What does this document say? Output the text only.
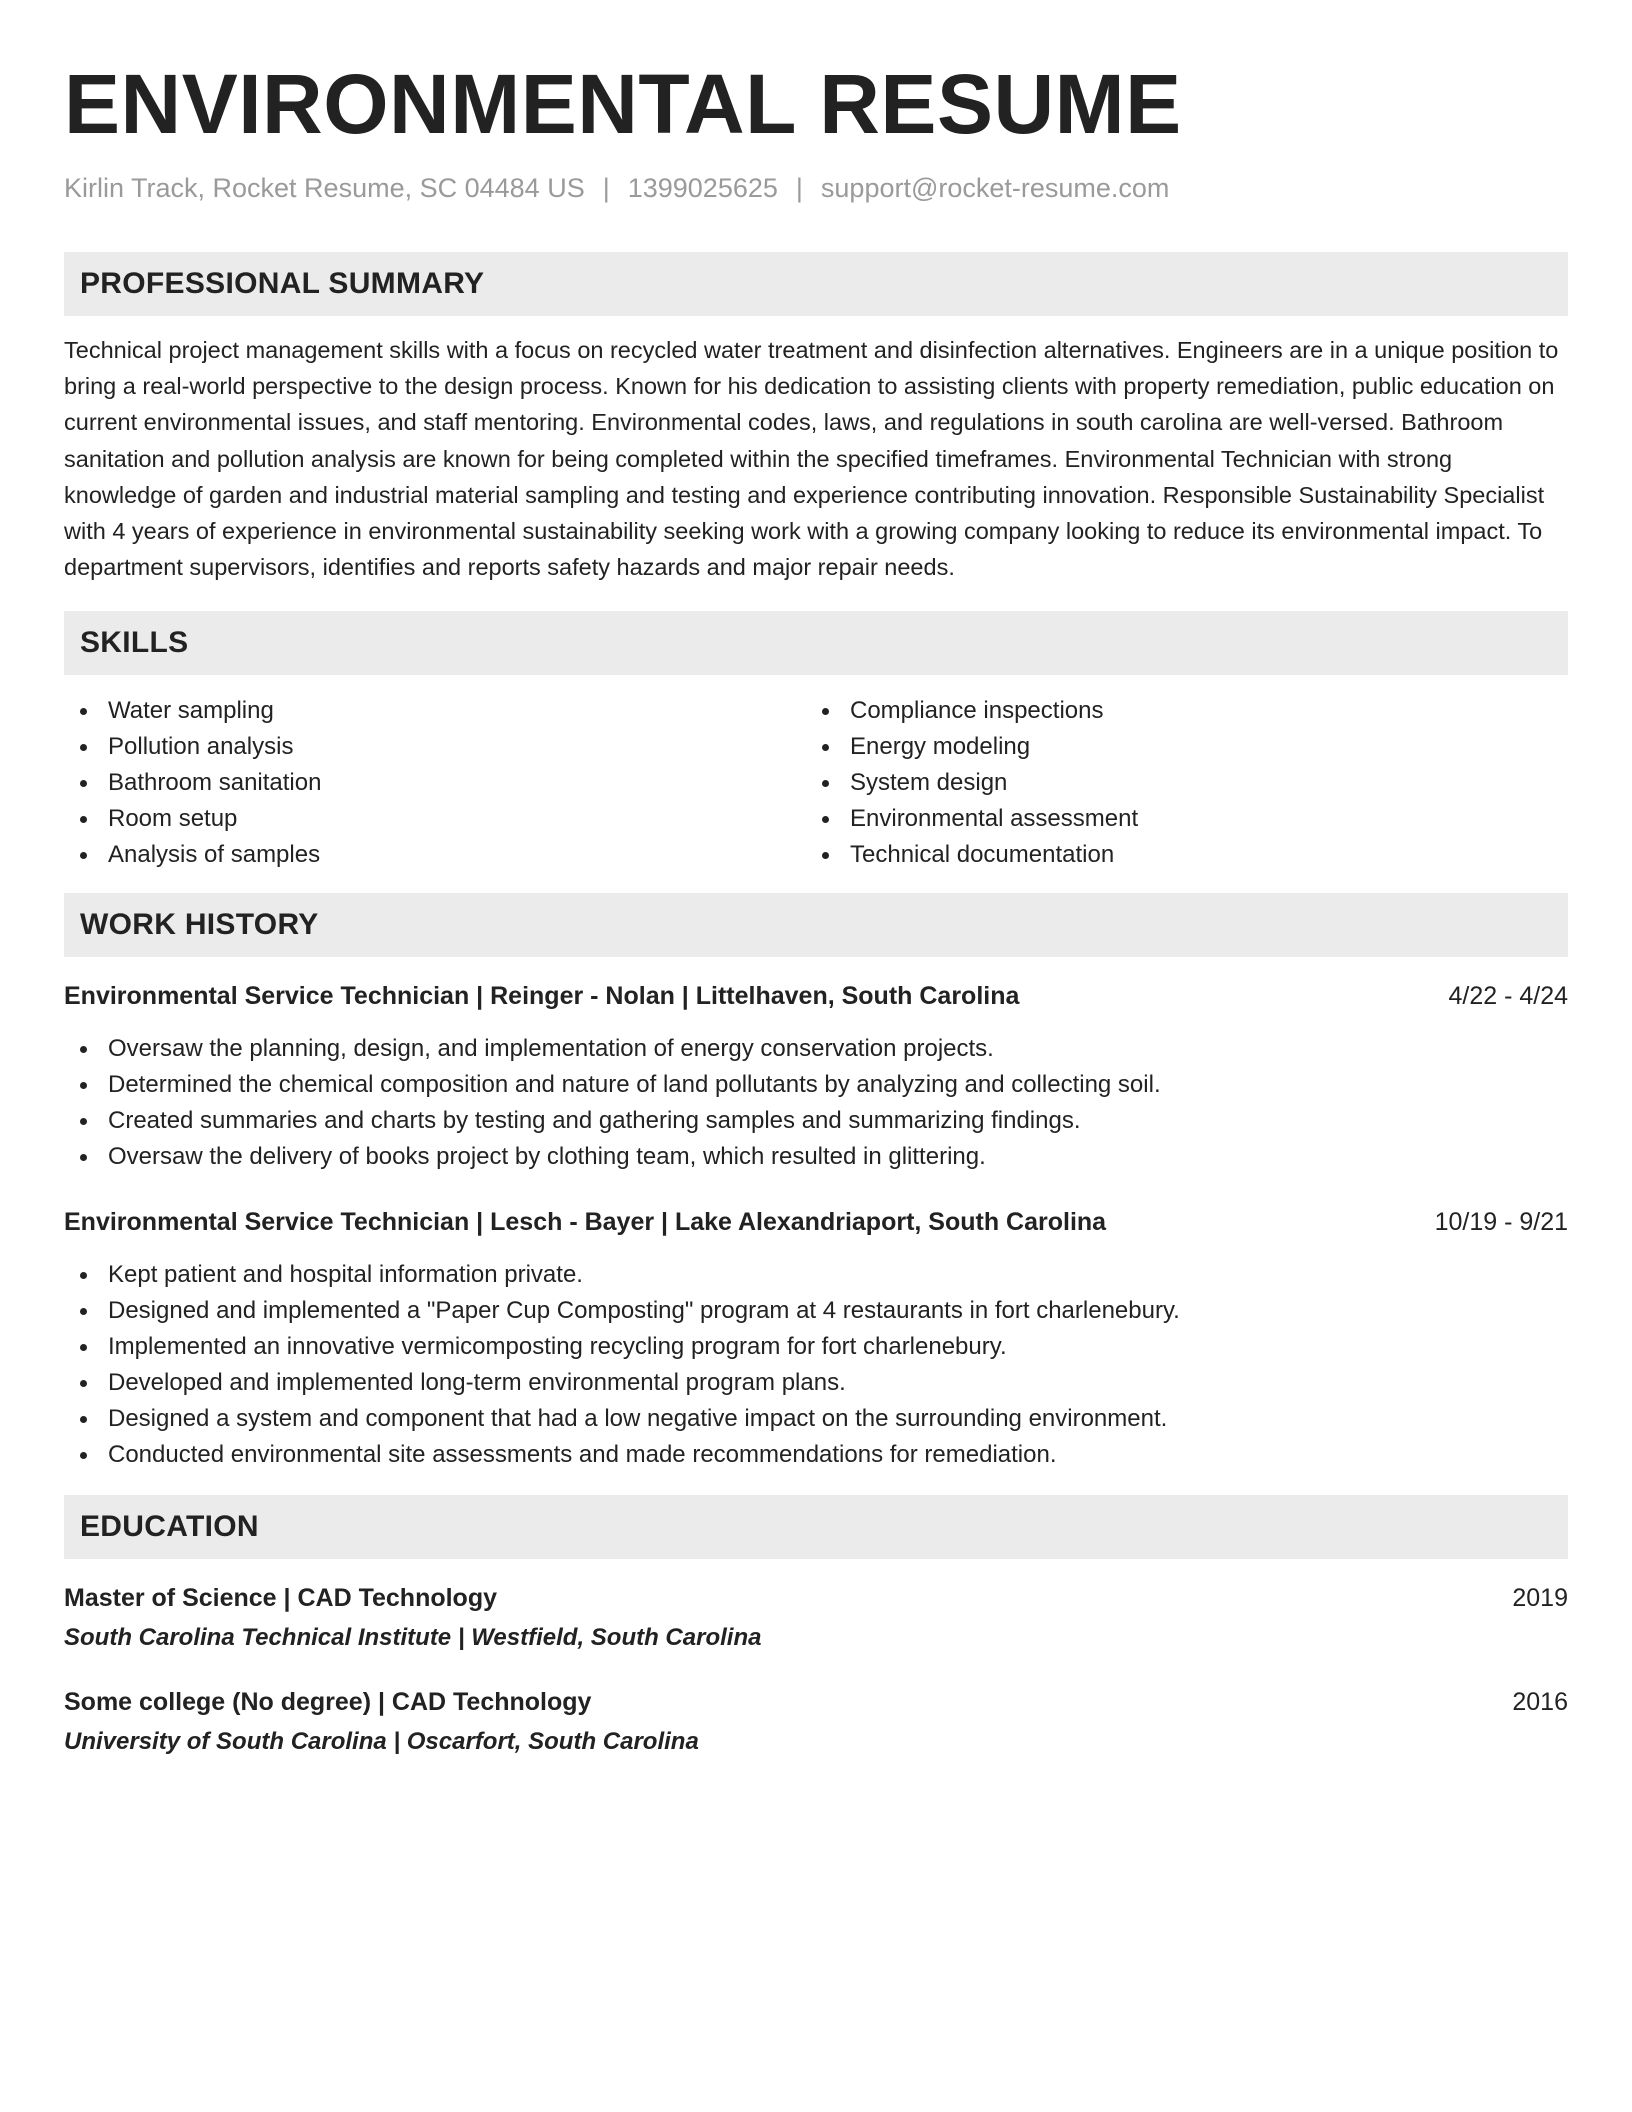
ENVIRONMENTAL RESUME
Kirlin Track, Rocket Resume, SC 04484 US | 1399025625 | support@rocket-resume.com
PROFESSIONAL SUMMARY

Technical project management skills with a focus on recycled water treatment and disinfection alternatives. Engineers are in a unique position to bring a real-world perspective to the design process. Known for his dedication to assisting clients with property remediation, public education on current environmental issues, and staff mentoring. Environmental codes, laws, and regulations in south carolina are well-versed. Bathroom sanitation and pollution analysis are known for being completed within the specified timeframes. Environmental Technician with strong knowledge of garden and industrial material sampling and testing and experience contributing innovation. Responsible Sustainability Specialist with 4 years of experience in environmental sustainability seeking work with a growing company looking to reduce its environmental impact. To department supervisors, identifies and reports safety hazards and major repair needs.

SKILLS
Water sampling
Pollution analysis
Bathroom sanitation
Room setup
Analysis of samples
Compliance inspections
Energy modeling
System design
Environmental assessment
Technical documentation
WORK HISTORY
Environmental Service Technician | Reinger - Nolan | Littelhaven, South Carolina	4/22 - 4/24
Oversaw the planning, design, and implementation of energy conservation projects.
Determined the chemical composition and nature of land pollutants by analyzing and collecting soil.
Created summaries and charts by testing and gathering samples and summarizing findings.
Oversaw the delivery of books project by clothing team, which resulted in glittering.
Environmental Service Technician | Lesch - Bayer | Lake Alexandriaport, South Carolina	10/19 - 9/21
Kept patient and hospital information private.
Designed and implemented a "Paper Cup Composting" program at 4 restaurants in fort charlenebury.
Implemented an innovative vermicomposting recycling program for fort charlenebury.
Developed and implemented long-term environmental program plans.
Designed a system and component that had a low negative impact on the surrounding environment.
Conducted environmental site assessments and made recommendations for remediation.
EDUCATION
Master of Science | CAD Technology	2019
South Carolina Technical Institute | Westfield, South Carolina
Some college (No degree) | CAD Technology	2016
University of South Carolina | Oscarfort, South Carolina
